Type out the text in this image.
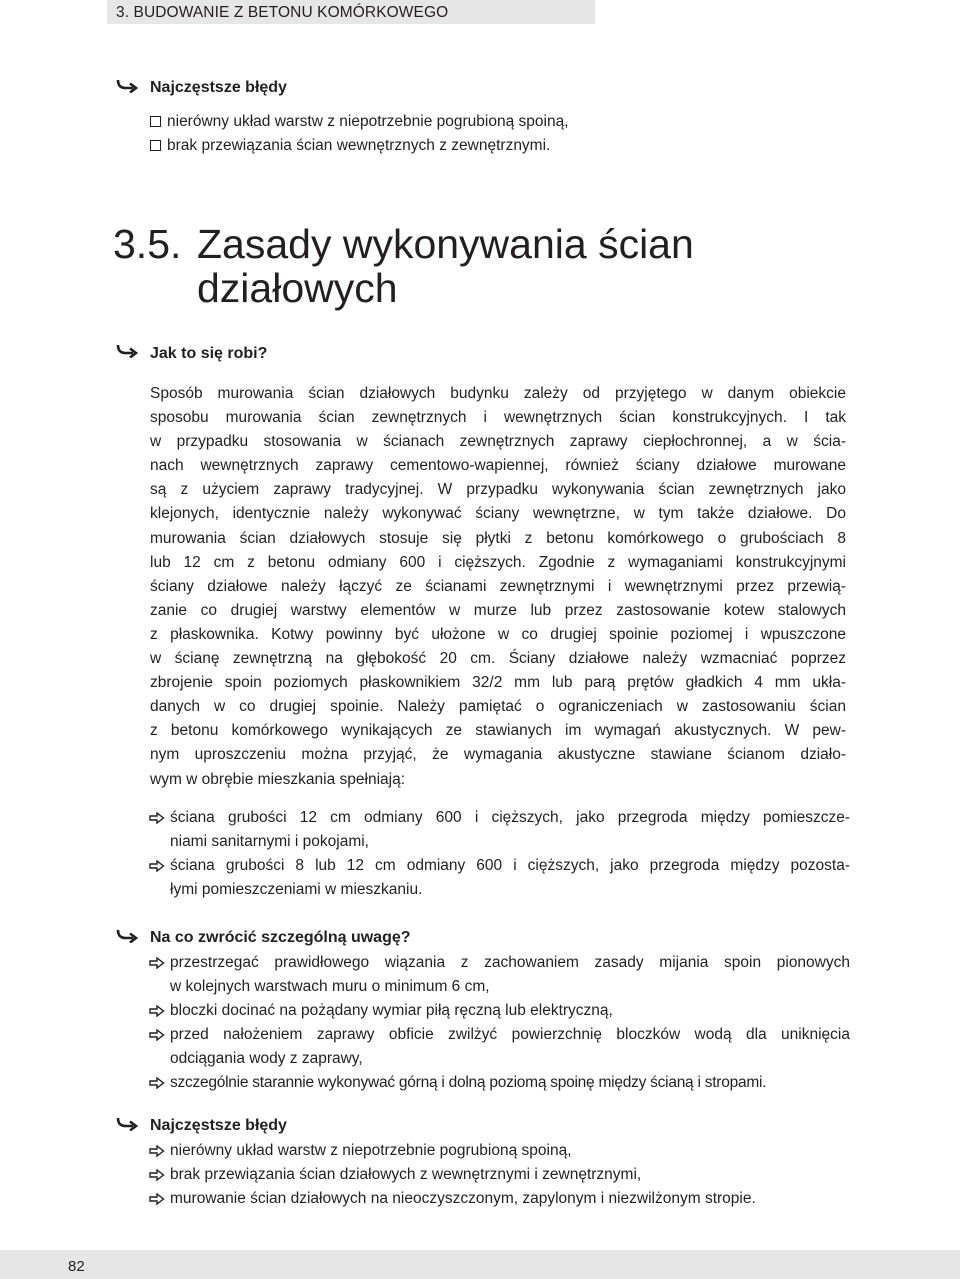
3. BUDOWANIE Z BETONU KOMÓRKOWEGO
Najczęstsze błędy
nierówny układ warstw z niepotrzebnie pogrubioną spoiną,
brak przewiązania ścian wewnętrznych z zewnętrznymi.
3.5. Zasady wykonywania ścian
działowych
Jak to się robi?
Sposób murowania ścian działowych budynku zależy od przyjętego w danym obiekcie
sposobu murowania ścian zewnętrznych i wewnętrznych ścian konstrukcyjnych. I tak
w przypadku stosowania w ścianach zewnętrznych zaprawy ciepłochronnej, a w ścia-
nach wewnętrznych zaprawy cementowo-wapiennej, również ściany działowe murowane
są z użyciem zaprawy tradycyjnej. W przypadku wykonywania ścian zewnętrznych jako
klejonych, identycznie należy wykonywać ściany wewnętrzne, w tym także działowe. Do
murowania ścian działowych stosuje się płytki z betonu komórkowego o grubościach 8
lub 12 cm z betonu odmiany 600 i cięższych. Zgodnie z wymaganiami konstrukcyjnymi
ściany działowe należy łączyć ze ścianami zewnętrznymi i wewnętrznymi przez przewią-
zanie co drugiej warstwy elementów w murze lub przez zastosowanie kotew stalowych
z płaskownika. Kotwy powinny być ułożone w co drugiej spoinie poziomej i wpuszczone
w ścianę zewnętrzną na głębokość 20 cm. Ściany działowe należy wzmacniać poprzez
zbrojenie spoin poziomych płaskownikiem 32/2 mm lub parą prętów gładkich 4 mm ukła-
danych w co drugiej spoinie. Należy pamiętać o ograniczeniach w zastosowaniu ścian
z betonu komórkowego wynikających ze stawianych im wymagań akustycznych. W pew-
nym uproszczeniu można przyjąć, że wymagania akustyczne stawiane ścianom działo-
wym w obrębie mieszkania spełniają:
ściana grubości 12 cm odmiany 600 i cięższych, jako przegroda między pomieszcze-
niami sanitarnymi i pokojami,
ściana grubości 8 lub 12 cm odmiany 600 i cięższych, jako przegroda między pozosta-
łymi pomieszczeniami w mieszkaniu.
Na co zwrócić szczególną uwagę?
przestrzegać prawidłowego wiązania z zachowaniem zasady mijania spoin pionowych
w kolejnych warstwach muru o minimum 6 cm,
bloczki docinać na pożądany wymiar piłą ręczną lub elektryczną,
przed nałożeniem zaprawy obficie zwilżyć powierzchnię bloczków wodą dla uniknięcia
odciągania wody z zaprawy,
szczególnie starannie wykonywać górną i dolną poziomą spoinę między ścianą i stropami.
Najczęstsze błędy
nierówny układ warstw z niepotrzebnie pogrubioną spoiną,
brak przewiązania ścian działowych z wewnętrznymi i zewnętrznymi,
murowanie ścian działowych na nieoczyszczonym, zapylonym i niezwilżonym stropie.
82
